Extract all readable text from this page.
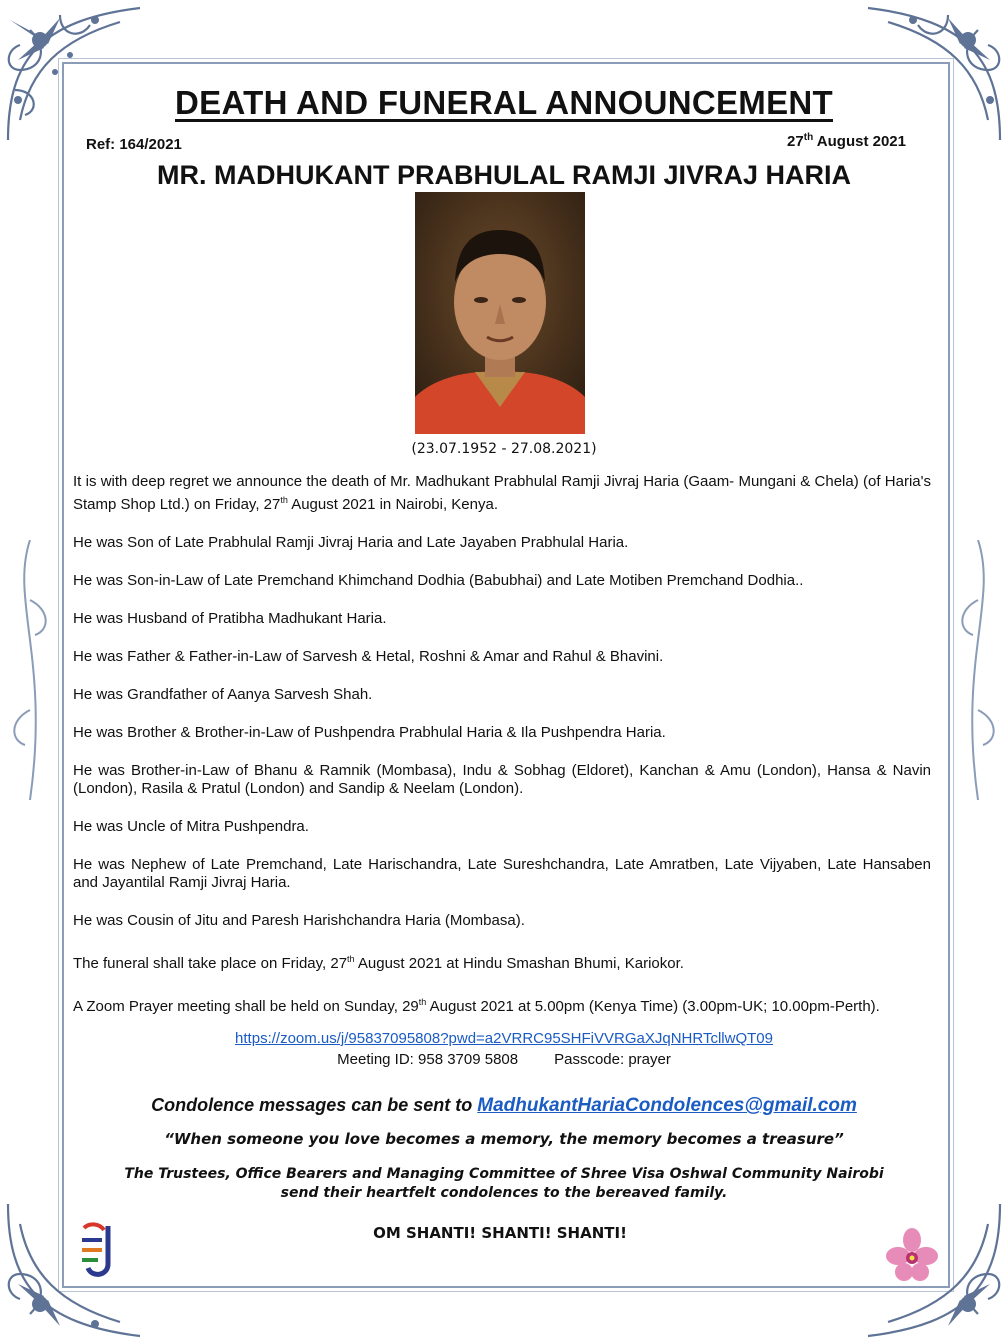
DEATH AND FUNERAL ANNOUNCEMENT
Ref: 164/2021	27th August 2021
MR. MADHUKANT PRABHULAL RAMJI JIVRAJ HARIA
(23.07.1952 - 27.08.2021)

It is with deep regret we announce the death of Mr. Madhukant Prabhulal Ramji Jivraj Haria (Gaam- Mungani & Chela) (of Haria's Stamp Shop Ltd.) on Friday, 27th August 2021 in Nairobi, Kenya.

He was Son of Late Prabhulal Ramji Jivraj Haria and Late Jayaben Prabhulal Haria.

He was Son-in-Law of Late Premchand Khimchand Dodhia (Babubhai) and Late Motiben Premchand Dodhia..

He was Husband of Pratibha Madhukant Haria.

He was Father & Father-in-Law of Sarvesh & Hetal, Roshni & Amar and Rahul & Bhavini.

He was Grandfather of Aanya Sarvesh Shah.

He was Brother & Brother-in-Law of Pushpendra Prabhulal Haria & Ila Pushpendra Haria.

He was Brother-in-Law of Bhanu & Ramnik (Mombasa), Indu & Sobhag (Eldoret), Kanchan & Amu (London), Hansa & Navin (London), Rasila & Pratul (London) and Sandip & Neelam (London).

He was Uncle of Mitra Pushpendra.

He was Nephew of Late Premchand, Late Harischandra, Late Sureshchandra, Late Amratben, Late Vijyaben, Late Hansaben and Jayantilal Ramji Jivraj Haria.

He was Cousin of Jitu and Paresh Harishchandra Haria (Mombasa).

The funeral shall take place on Friday, 27th August 2021 at Hindu Smashan Bhumi, Kariokor.

A Zoom Prayer meeting shall be held on Sunday, 29th August 2021 at 5.00pm (Kenya Time) (3.00pm-UK; 10.00pm-Perth).

https://zoom.us/j/95837095808?pwd=a2VRRC95SHFiVVRGaXJqNHRTcllwQT09
Meeting ID: 958 3709 5808 Passcode: prayer
Condolence messages can be sent to MadhukantHariaCondolences@gmail.com
“When someone you love becomes a memory, the memory becomes a treasure”
The Trustees, Office Bearers and Managing Committee of Shree Visa Oshwal Community Nairobi
send their heartfelt condolences to the bereaved family.
OM SHANTI! SHANTI! SHANTI!
